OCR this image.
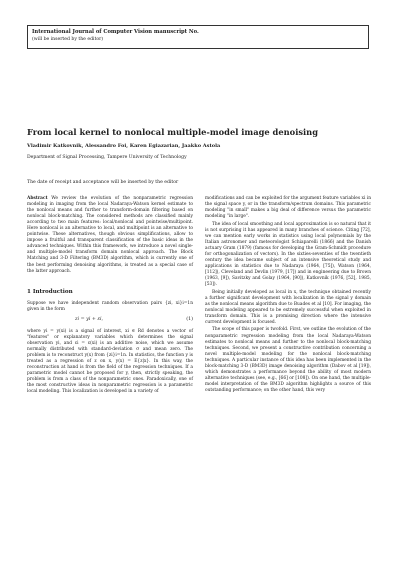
International Journal of Computer Vision manuscript No.
(will be inserted by the editor)
From local kernel to nonlocal multiple-model image denoising
Vladimir Katkovnik, Alessandro Foi, Karen Egiazarian, Jaakko Astola
Department of Signal Processing, Tampere University of Technology
The date of receipt and acceptance will be inserted by the editor

Abstract We review the evolution of the nonparametric regression modeling in imaging from the local Nadaraya-Watson kernel estimate to the nonlocal means and further to transform-domain filtering based on nonlocal block-matching. The considered methods are classified mainly according to two main features: local/nonlocal and pointwise/multipoint. Here nonlocal is an alternative to local, and multipoint is an alternative to pointwise. These alternatives, though obvious simplifications, allow to impose a fruitful and transparent classification of the basic ideas in the advanced techniques. Within this framework, we introduce a novel single- and multiple-model transform domain nonlocal approach. The Block Matching and 3-D Filtering (BM3D) algorithm, which is currently one of the best performing denoising algorithms, is treated as a special case of the latter approach.

1 Introduction

Suppose we have independent random observation pairs {zi, xi}i=1n given in the form

zi = yi + εi,	(1)

where yi = y(xi) is a signal of interest, xi ∈ Rd denotes a vector of "features" or explanatory variables which determines the signal observation yi, and εi = ε(xi) is an additive noise, which we assume normally distributed with standard-deviation σ and mean zero. The problem is to reconstruct y(x) from {zi}i=1n. In statistics, the function y is treated as a regression of z on x, y(x) = E{z|x}. In this way, the reconstruction at hand is from the field of the regression techniques. If a parametric model cannot be proposed for y, then, strictly speaking, the problem is from a class of the nonparametric ones. Paradoxically, one of the most constructive ideas in nonparametric regression is a parametric local modeling. This localization is developed in a variety of

modifications and can be exploited for the argument feature variables xi in the signal space y, or in the transform/spectrum domains. This parametric modeling "in small" makes a big deal of difference versus the parametric modeling "in large".

The idea of local smoothing and local approximation is so natural that it is not surprising it has appeared in many branches of science. Citing [72], we can mention early works in statistics using local polynomials by the Italian astronomer and meteorologist Schiaparelli (1866) and the Danish actuary Gram (1879) (famous for developing the Gram-Schmidt procedure for orthogonalization of vectors). In the sixties-seventies of the twentieth century the idea became subject of an intensive theoretical study and applications in statistics due to Nadaraya (1964, [75]), Watson (1964, [112]), Cleveland and Devlin (1979, [17]) and in engineering due to Brown (1963, [9]), Savitzky and Golay (1964, [90]), Katkovnik (1976, [52], 1985, [53]).

Being initially developed as local in x, the technique obtained recently a further significant development with localization in the signal y domain as the nonlocal means algorithm due to Buades et al [10]. For imaging, the nonlocal modeling appeared to be extremely successful when exploited in transform domain. This is a promising direction where the intensive current development is focused.

The scope of this paper is twofold. First, we outline the evolution of the nonparametric regression modeling from the local Nadaraya-Watson estimates to nonlocal means and further to the nonlocal block-matching techniques. Second, we present a constructive contribution concerning a novel multiple-model modeling for the nonlocal block-matching techniques. A particular instance of this idea has been implemented in the block-matching 3-D (BM3D) image denoising algorithm (Dabov et al [19]), which demonstrates a performance beyond the ability of most modern alternative techniques (see, e.g., [66] or [108]). On one hand, the multiple-model interpretation of the BM3D algorithm highlights a source of this outstanding performance; on the other hand, this very
